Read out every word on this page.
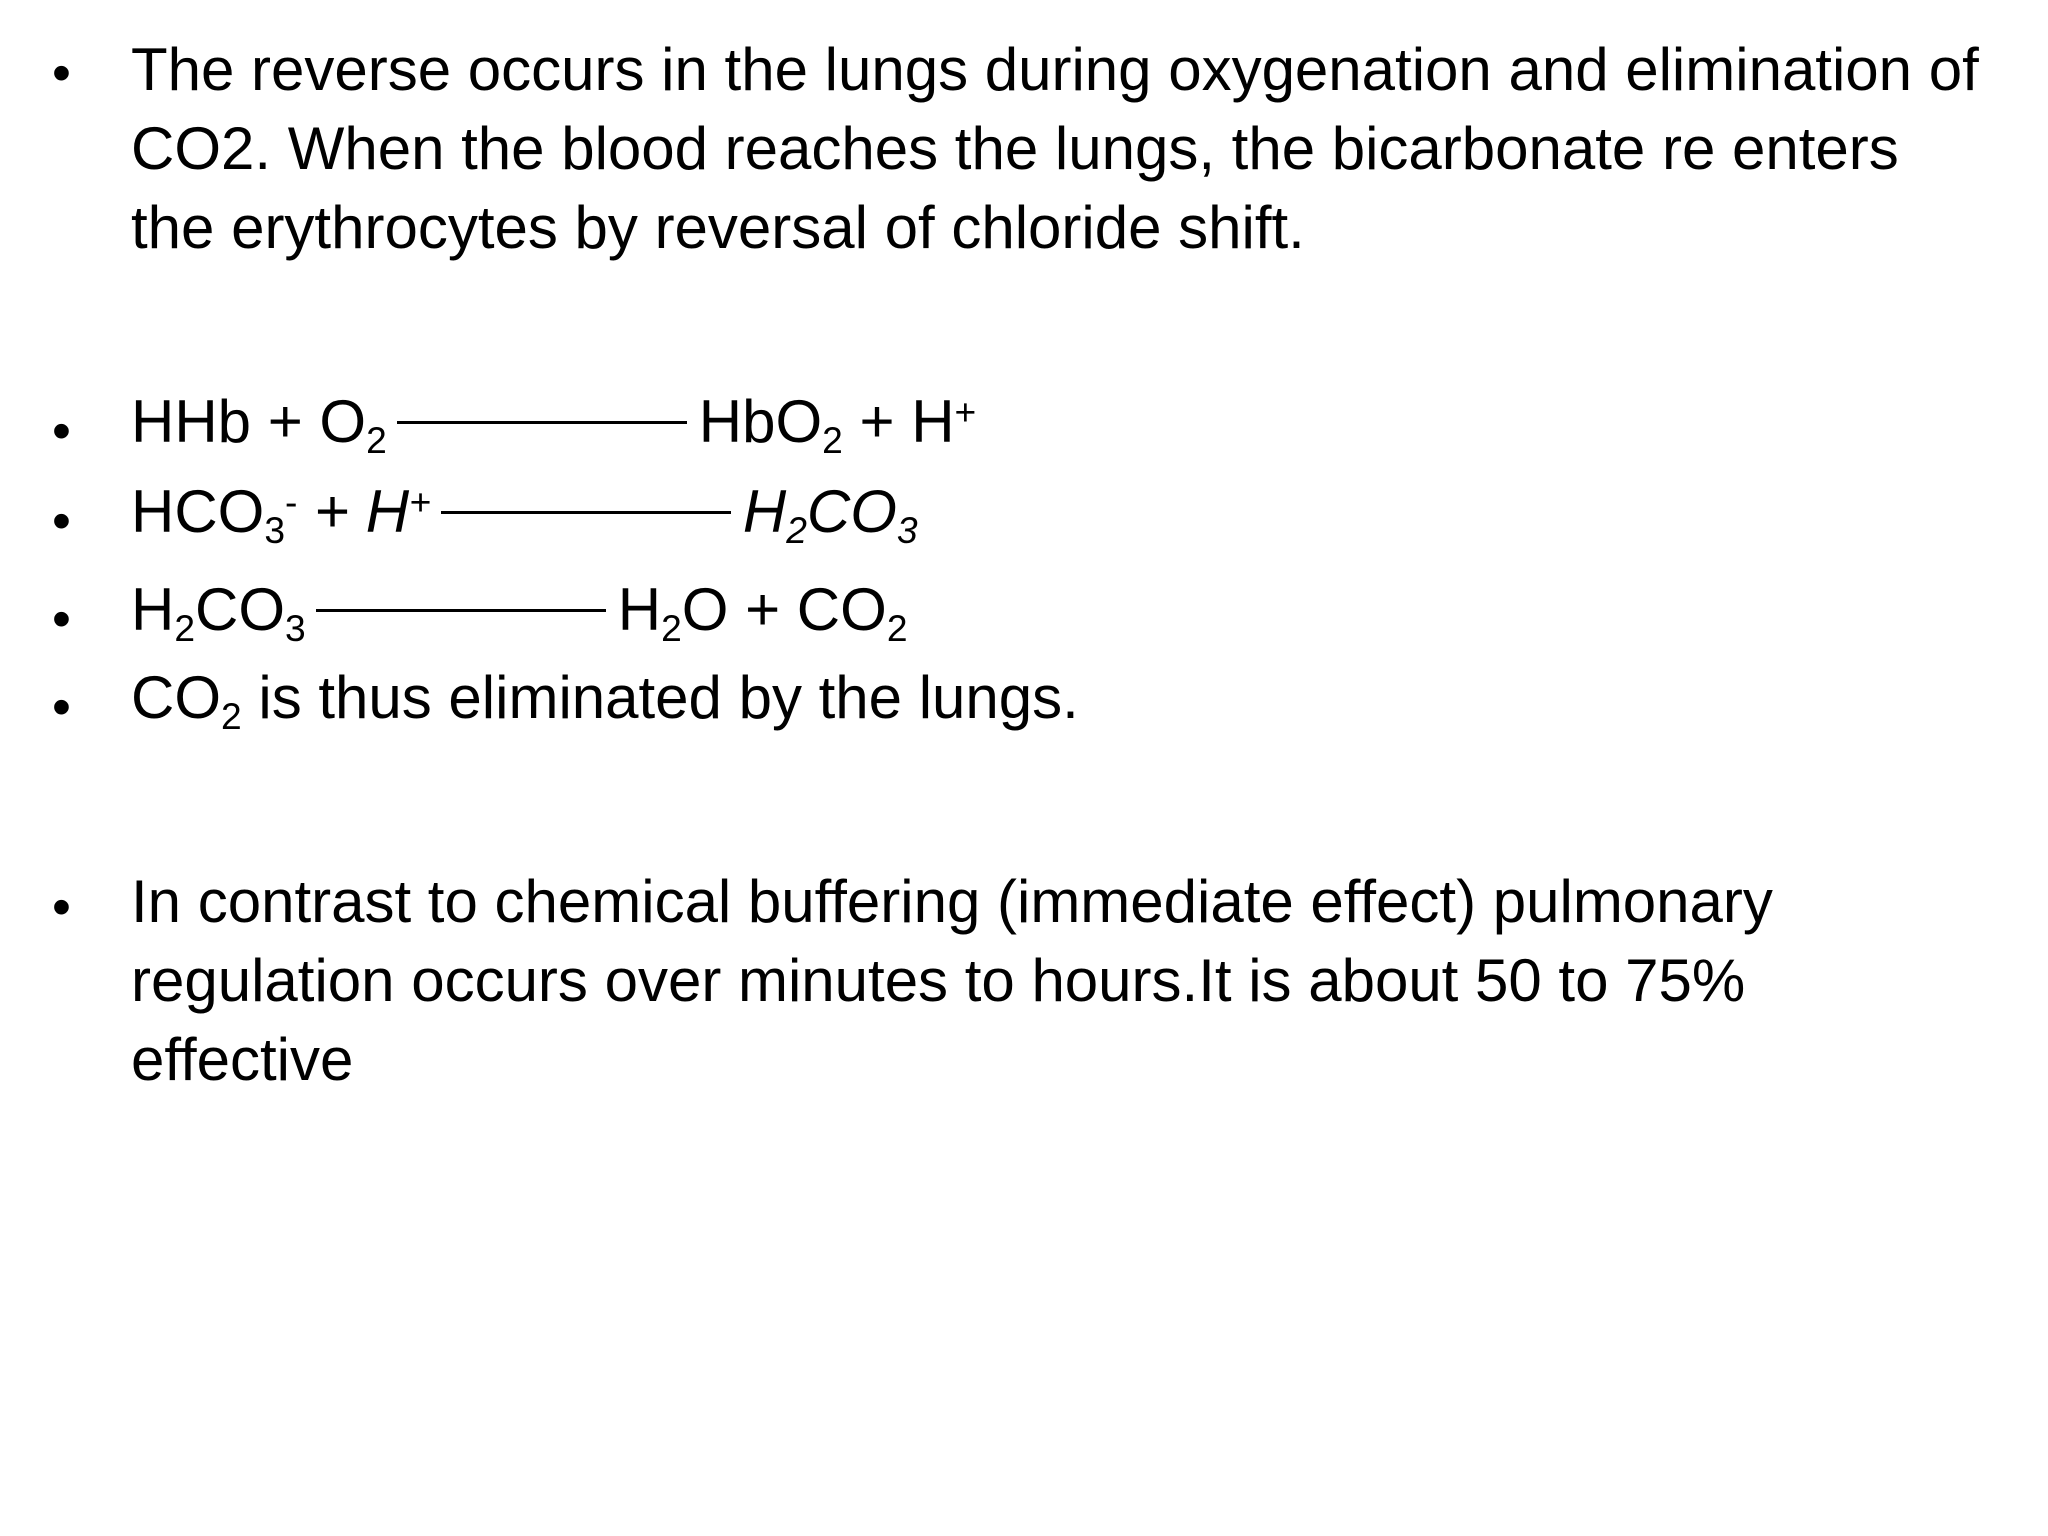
• The reverse occurs in the lungs during oxygenation and elimination of
CO2. When the blood reaches the lungs, the bicarbonate re enters
the erythrocytes by reversal of chloride shift.
• HHb + $O_2$	HbO$_2$ + H+
• $HCO_3^- + H^+$	$H_2CO_3$
• $H_2CO_3$	$H_2O + CO_2$
• $CO_2$ is thus eliminated by the lungs.
• In contrast to chemical buffering (immediate effect) pulmonary
regulation occurs over minutes to hours.It is about 50 to 75%
effective
